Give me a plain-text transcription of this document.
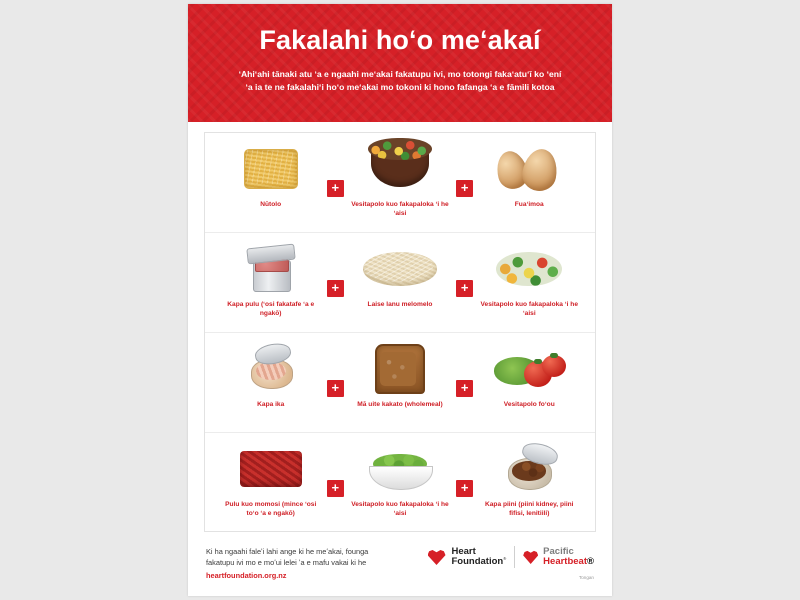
Fakalahi hoʻo meʻakaí
ʻAhiʻahi tānaki atu ʻa e ngaahi meʻakai fakatupu ivi, mo totongi fakaʻatuʻī ko ʻení
ʻa ia te ne fakalahiʻi hoʻo meʻakai mo tokoni ki hono fafanga ʻa e fāmili kotoa
Nūtolo
+
Vesitapolo kuo fakapaloka ʻi he ʻaisi
+
Fuaʻimoa
Kapa pulu (ʻosi fakatafe ʻa e ngakō)
+
Laise lanu melomelo
+
Vesitapolo kuo fakapaloka ʻi he ʻaisi
Kapa ika
+
Mā uite kakato (wholemeal)
+
Vesitapolo foʻou
Pulu kuo momosi (mince ʻosi toʻo ʻa e ngakō)
+
Vesitapolo kuo fakapaloka ʻi he ʻaisi
+
Kapa piini (piini kidney, piini fifisi, lenitiili)
Ki ha ngaahi faleʻi lahi ange ki he meʻakai, founga
fakatupu ivi mo e moʻui lelei ʻa e mafu vakai ki he
heartfoundation.org.nz
Heart
Foundation®
Pacific
Heartbeat®
Tongan
